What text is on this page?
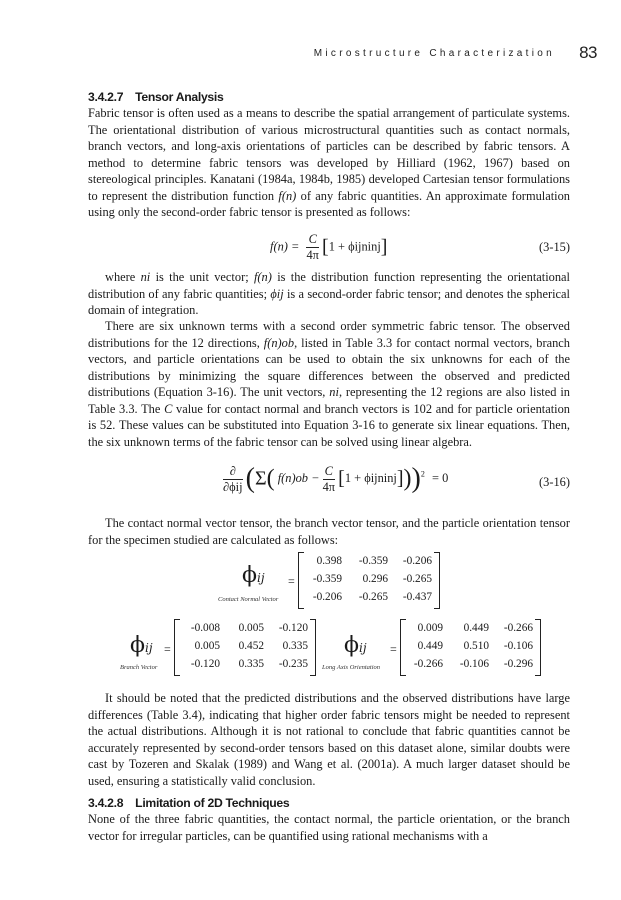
Microstructure Characterization 83
3.4.2.7 Tensor Analysis

Fabric tensor is often used as a means to describe the spatial arrangement of particulate systems. The orientational distribution of various microstructural quantities such as contact normals, branch vectors, and long-axis orientations of particles can be described by fabric tensors. A method to determine fabric tensors was developed by Hilliard (1962, 1967) based on stereological principles. Kanatani (1984a, 1984b, 1985) developed Cartesian tensor formulations to represent the distribution function f(n) of any fabric quantities. An approximate formulation using only the second-order fabric tensor is presented as follows:

$f(n) = \frac{C}{4\pi} [1$ + ϕijninj]	(3-15)

where ni is the unit vector; f(n) is the distribution function representing the orientational distribution of any fabric quantities; ϕij is a second-order fabric tensor; and denotes the spherical domain of integration.

There are six unknown terms with a second order symmetric fabric tensor. The observed distributions for the 12 directions, f(n)ob, listed in Table 3.3 for contact normal vectors, branch vectors, and particle orientations can be used to obtain the six unknowns for each of the distributions by minimizing the square differences between the observed and predicted distributions (Equation 3-16). The unit vectors, ni, representing the 12 regions are also listed in Table 3.3. The C value for contact normal and branch vectors is 102 and for particle orientation is 52. These values can be substituted into Equation 3-16 to generate six linear equations. Then, the six unknown terms of the fabric tensor can be solved using linear algebra.

$\frac{\partial}{\text{∂ϕij}} (\Sigma$( $f(n)ob - \frac{C}{4\pi} [1$ + ϕijninj]))$^2$ = 0	(3-16)

The contact normal vector tensor, the branch vector tensor, and the particle orientation tensor for the specimen studied are calculated as follows:

ϕij
Contact Normal Vector
=
0.398 -0.359 -0.206
-0.359 0.296 -0.265
-0.206 -0.265 -0.437
ϕij
Branch Vector
=
-0.008 0.005 -0.120
0.005 0.452 0.335
-0.120 0.335 -0.235
ϕij
Long Axis Orientation
=
0.009 0.449 -0.266
0.449 0.510 -0.106
-0.266 -0.106 -0.296

It should be noted that the predicted distributions and the observed distributions have large differences (Table 3.4), indicating that higher order fabric tensors might be needed to represent the actual distributions. Although it is not rational to conclude that fabric quantities cannot be accurately represented by second-order tensors based on this dataset alone, similar doubts were cast by Tozeren and Skalak (1989) and Wang et al. (2001a). A much larger dataset should be used, ensuring a statistically valid conclusion.

3.4.2.8 Limitation of 2D Techniques

None of the three fabric quantities, the contact normal, the particle orientation, or the branch vector for irregular particles, can be quantified using rational mechanisms with a
